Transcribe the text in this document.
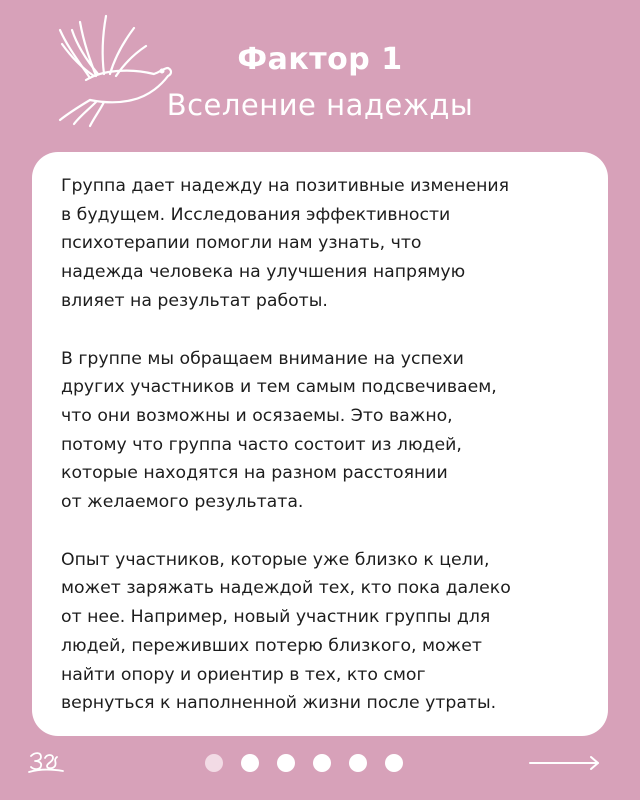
Фактор 1
Вселение надежды

Группа дает надежду на позитивные изменения
в будущем. Исследования эффективности
психотерапии помогли нам узнать, что
надежда человека на улучшения напрямую
влияет на результат работы.

В группе мы обращаем внимание на успехи
других участников и тем самым подсвечиваем,
что они возможны и осязаемы. Это важно,
потому что группа часто состоит из людей,
которые находятся на разном расстоянии
от желаемого результата.

Опыт участников, которые уже близко к цели,
может заряжать надеждой тех, кто пока далеко
от нее. Например, новый участник группы для
людей, переживших потерю близкого, может
найти опору и ориентир в тех, кто смог
вернуться к наполненной жизни после утраты.
